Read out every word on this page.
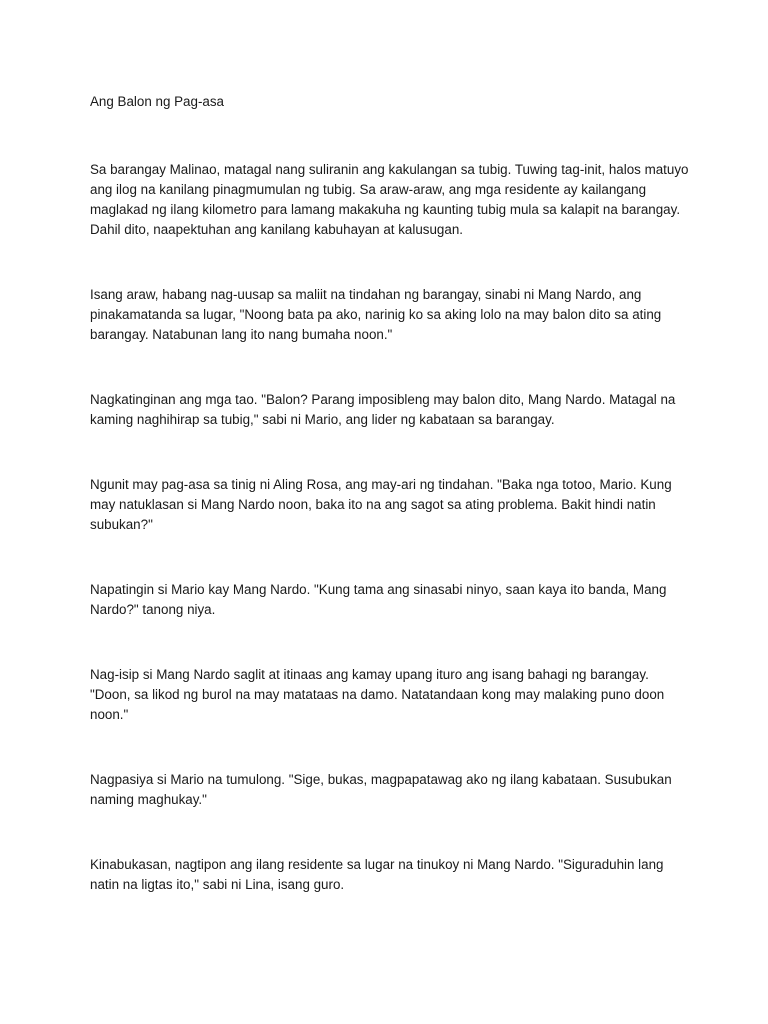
Ang Balon ng Pag-asa

Sa barangay Malinao, matagal nang suliranin ang kakulangan sa tubig. Tuwing tag-init, halos matuyo ang ilog na kanilang pinagmumulan ng tubig. Sa araw-araw, ang mga residente ay kailangang maglakad ng ilang kilometro para lamang makakuha ng kaunting tubig mula sa kalapit na barangay. Dahil dito, naapektuhan ang kanilang kabuhayan at kalusugan.

Isang araw, habang nag-uusap sa maliit na tindahan ng barangay, sinabi ni Mang Nardo, ang pinakamatanda sa lugar, "Noong bata pa ako, narinig ko sa aking lolo na may balon dito sa ating barangay. Natabunan lang ito nang bumaha noon."

Nagkatinginan ang mga tao. "Balon? Parang imposibleng may balon dito, Mang Nardo. Matagal na kaming naghihirap sa tubig," sabi ni Mario, ang lider ng kabataan sa barangay.

Ngunit may pag-asa sa tinig ni Aling Rosa, ang may-ari ng tindahan. "Baka nga totoo, Mario. Kung may natuklasan si Mang Nardo noon, baka ito na ang sagot sa ating problema. Bakit hindi natin subukan?"

Napatingin si Mario kay Mang Nardo. "Kung tama ang sinasabi ninyo, saan kaya ito banda, Mang Nardo?" tanong niya.

Nag-isip si Mang Nardo saglit at itinaas ang kamay upang ituro ang isang bahagi ng barangay. "Doon, sa likod ng burol na may matataas na damo. Natatandaan kong may malaking puno doon noon."

Nagpasiya si Mario na tumulong. "Sige, bukas, magpapatawag ako ng ilang kabataan. Susubukan naming maghukay."

Kinabukasan, nagtipon ang ilang residente sa lugar na tinukoy ni Mang Nardo. "Siguraduhin lang natin na ligtas ito," sabi ni Lina, isang guro.
